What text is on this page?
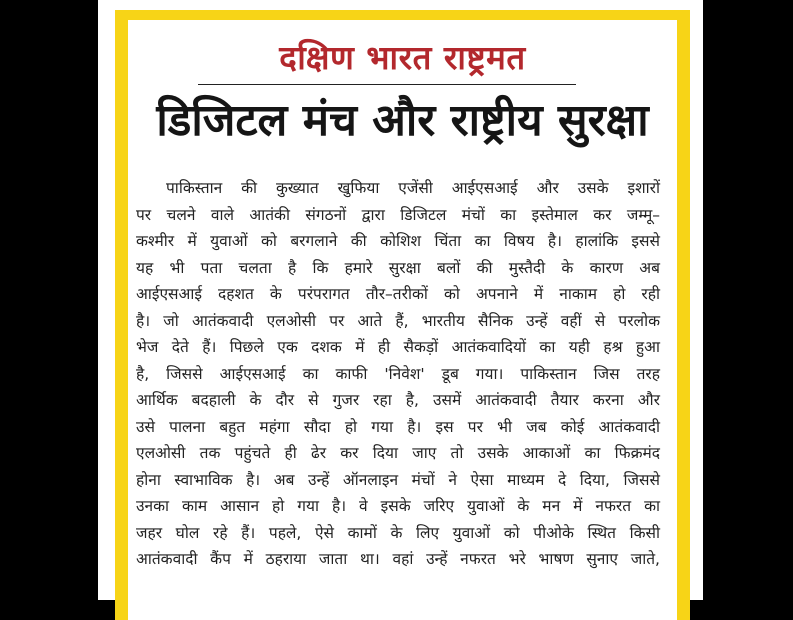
दक्षिण भारत राष्ट्रमत
डिजिटल मंच और राष्ट्रीय सुरक्षा
पाकिस्तान की कुख्यात खुफिया एजेंसी आईएसआई और उसके इशारों
पर चलने वाले आतंकी संगठनों द्वारा डिजिटल मंचों का इस्तेमाल कर जम्मू–
कश्मीर में युवाओं को बरगलाने की कोशिश चिंता का विषय है। हालांकि इससे
यह भी पता चलता है कि हमारे सुरक्षा बलों की मुस्तैदी के कारण अब
आईएसआई दहशत के परंपरागत तौर–तरीकों को अपनाने में नाकाम हो रही
है। जो आतंकवादी एलओसी पर आते हैं, भारतीय सैनिक उन्हें वहीं से परलोक
भेज देते हैं। पिछले एक दशक में ही सैकड़ों आतंकवादियों का यही हश्र हुआ
है, जिससे आईएसआई का काफी 'निवेश' डूब गया। पाकिस्तान जिस तरह
आर्थिक बदहाली के दौर से गुजर रहा है, उसमें आतंकवादी तैयार करना और
उसे पालना बहुत महंगा सौदा हो गया है। इस पर भी जब कोई आतंकवादी
एलओसी तक पहुंचते ही ढेर कर दिया जाए तो उसके आकाओं का फिक्रमंद
होना स्वाभाविक है। अब उन्हें ऑनलाइन मंचों ने ऐसा माध्यम दे दिया, जिससे
उनका काम आसान हो गया है। वे इसके जरिए युवाओं के मन में नफरत का
जहर घोल रहे हैं। पहले, ऐसे कामों के लिए युवाओं को पीओके स्थित किसी
आतंकवादी कैंप में ठहराया जाता था। वहां उन्हें नफरत भरे भाषण सुनाए जाते,
